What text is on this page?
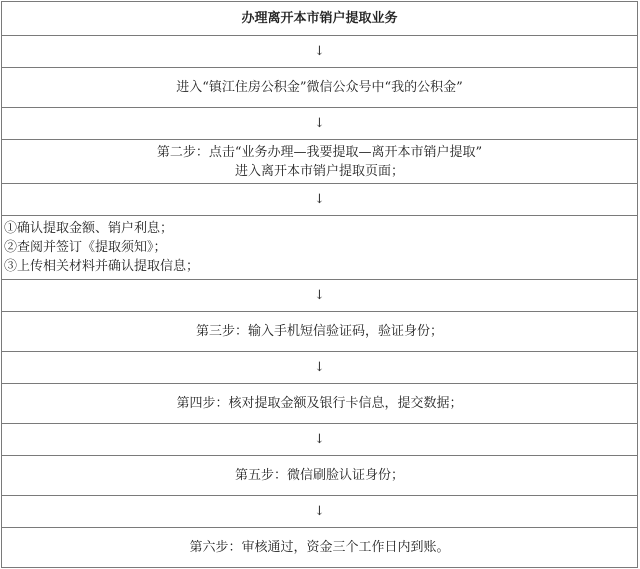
办理离开本市销户提取业务
↓
进入“镇江住房公积金”微信公众号中“我的公积金”
↓

第二步：点击“业务办理—我要提取—离开本市销户提取”
进入离开本市销户提取页面；

↓

①确认提取金额、销户利息；
②查阅并签订《提取须知》；
③上传相关材料并确认提取信息；

↓
第三步：输入手机短信验证码，验证身份；
↓
第四步：核对提取金额及银行卡信息，提交数据；
↓
第五步：微信刷脸认证身份；
↓
第六步：审核通过，资金三个工作日内到账。
